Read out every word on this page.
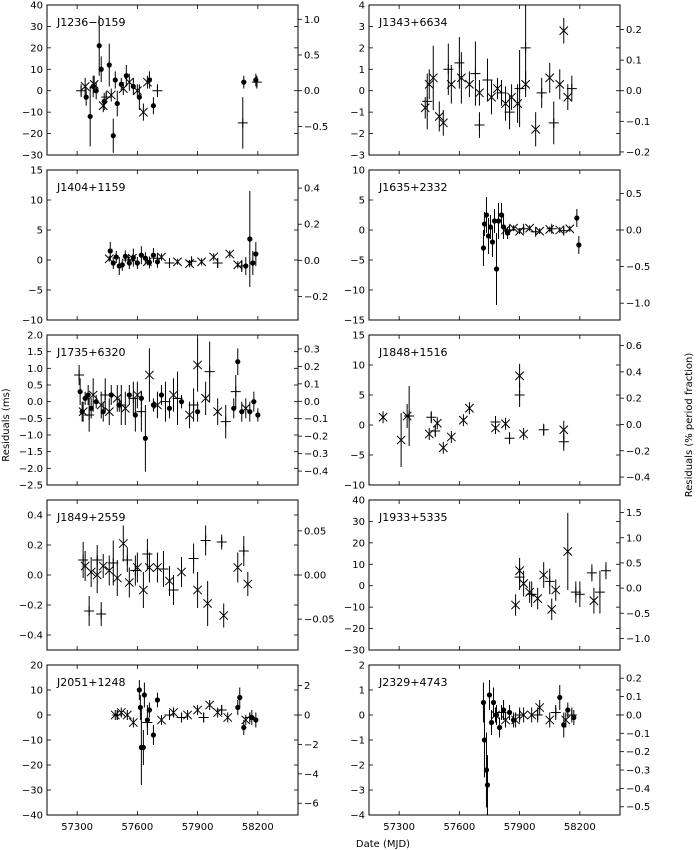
Date (MJD)
Residuals (ms)	Residuals (% period fraction)
−30
−20
−10
0
10
20
30
40
−0.5
0.0
0.5
1.0
J1236−0159
−3
−2
−1
0
1
2
3
4
−0.2
−0.1
0.0
0.1
0.2
J1343+6634
−10
−5
0
5
10
15
−0.2
0.0
0.2
0.4
J1404+1159
−15
−10
−5
0
5
10
−1.0
−0.5
0.0
0.5
J1635+2332
−2.5
−2.0
−1.5
−1.0
−0.5
0.0
0.5
1.0
1.5
2.0
−0.4
−0.3
−0.2
−0.1
0.0
0.1
0.2
0.3
J1735+6320
−10
−5
0
5
10
15
−0.4
−0.2
0.0
0.2
0.4
0.6
J1848+1516
−0.4
−0.2
0.0
0.2
0.4
−0.05
0.00
0.05
J1849+2559
−30
−20
−10
0
10
20
30
40
−1.0
−0.5
0.0
0.5
1.0
1.5
J1933+5335
−40
−30
−20
−10
0
10
20
−6
−4
−2
0
2
57300	57600	57900	58200
J2051+1248
−4
−3
−2
−1
0
1
2
−0.5
−0.4
−0.3
−0.2
−0.1
0.0
0.1
0.2
57300	57600	57900	58200
J2329+4743
